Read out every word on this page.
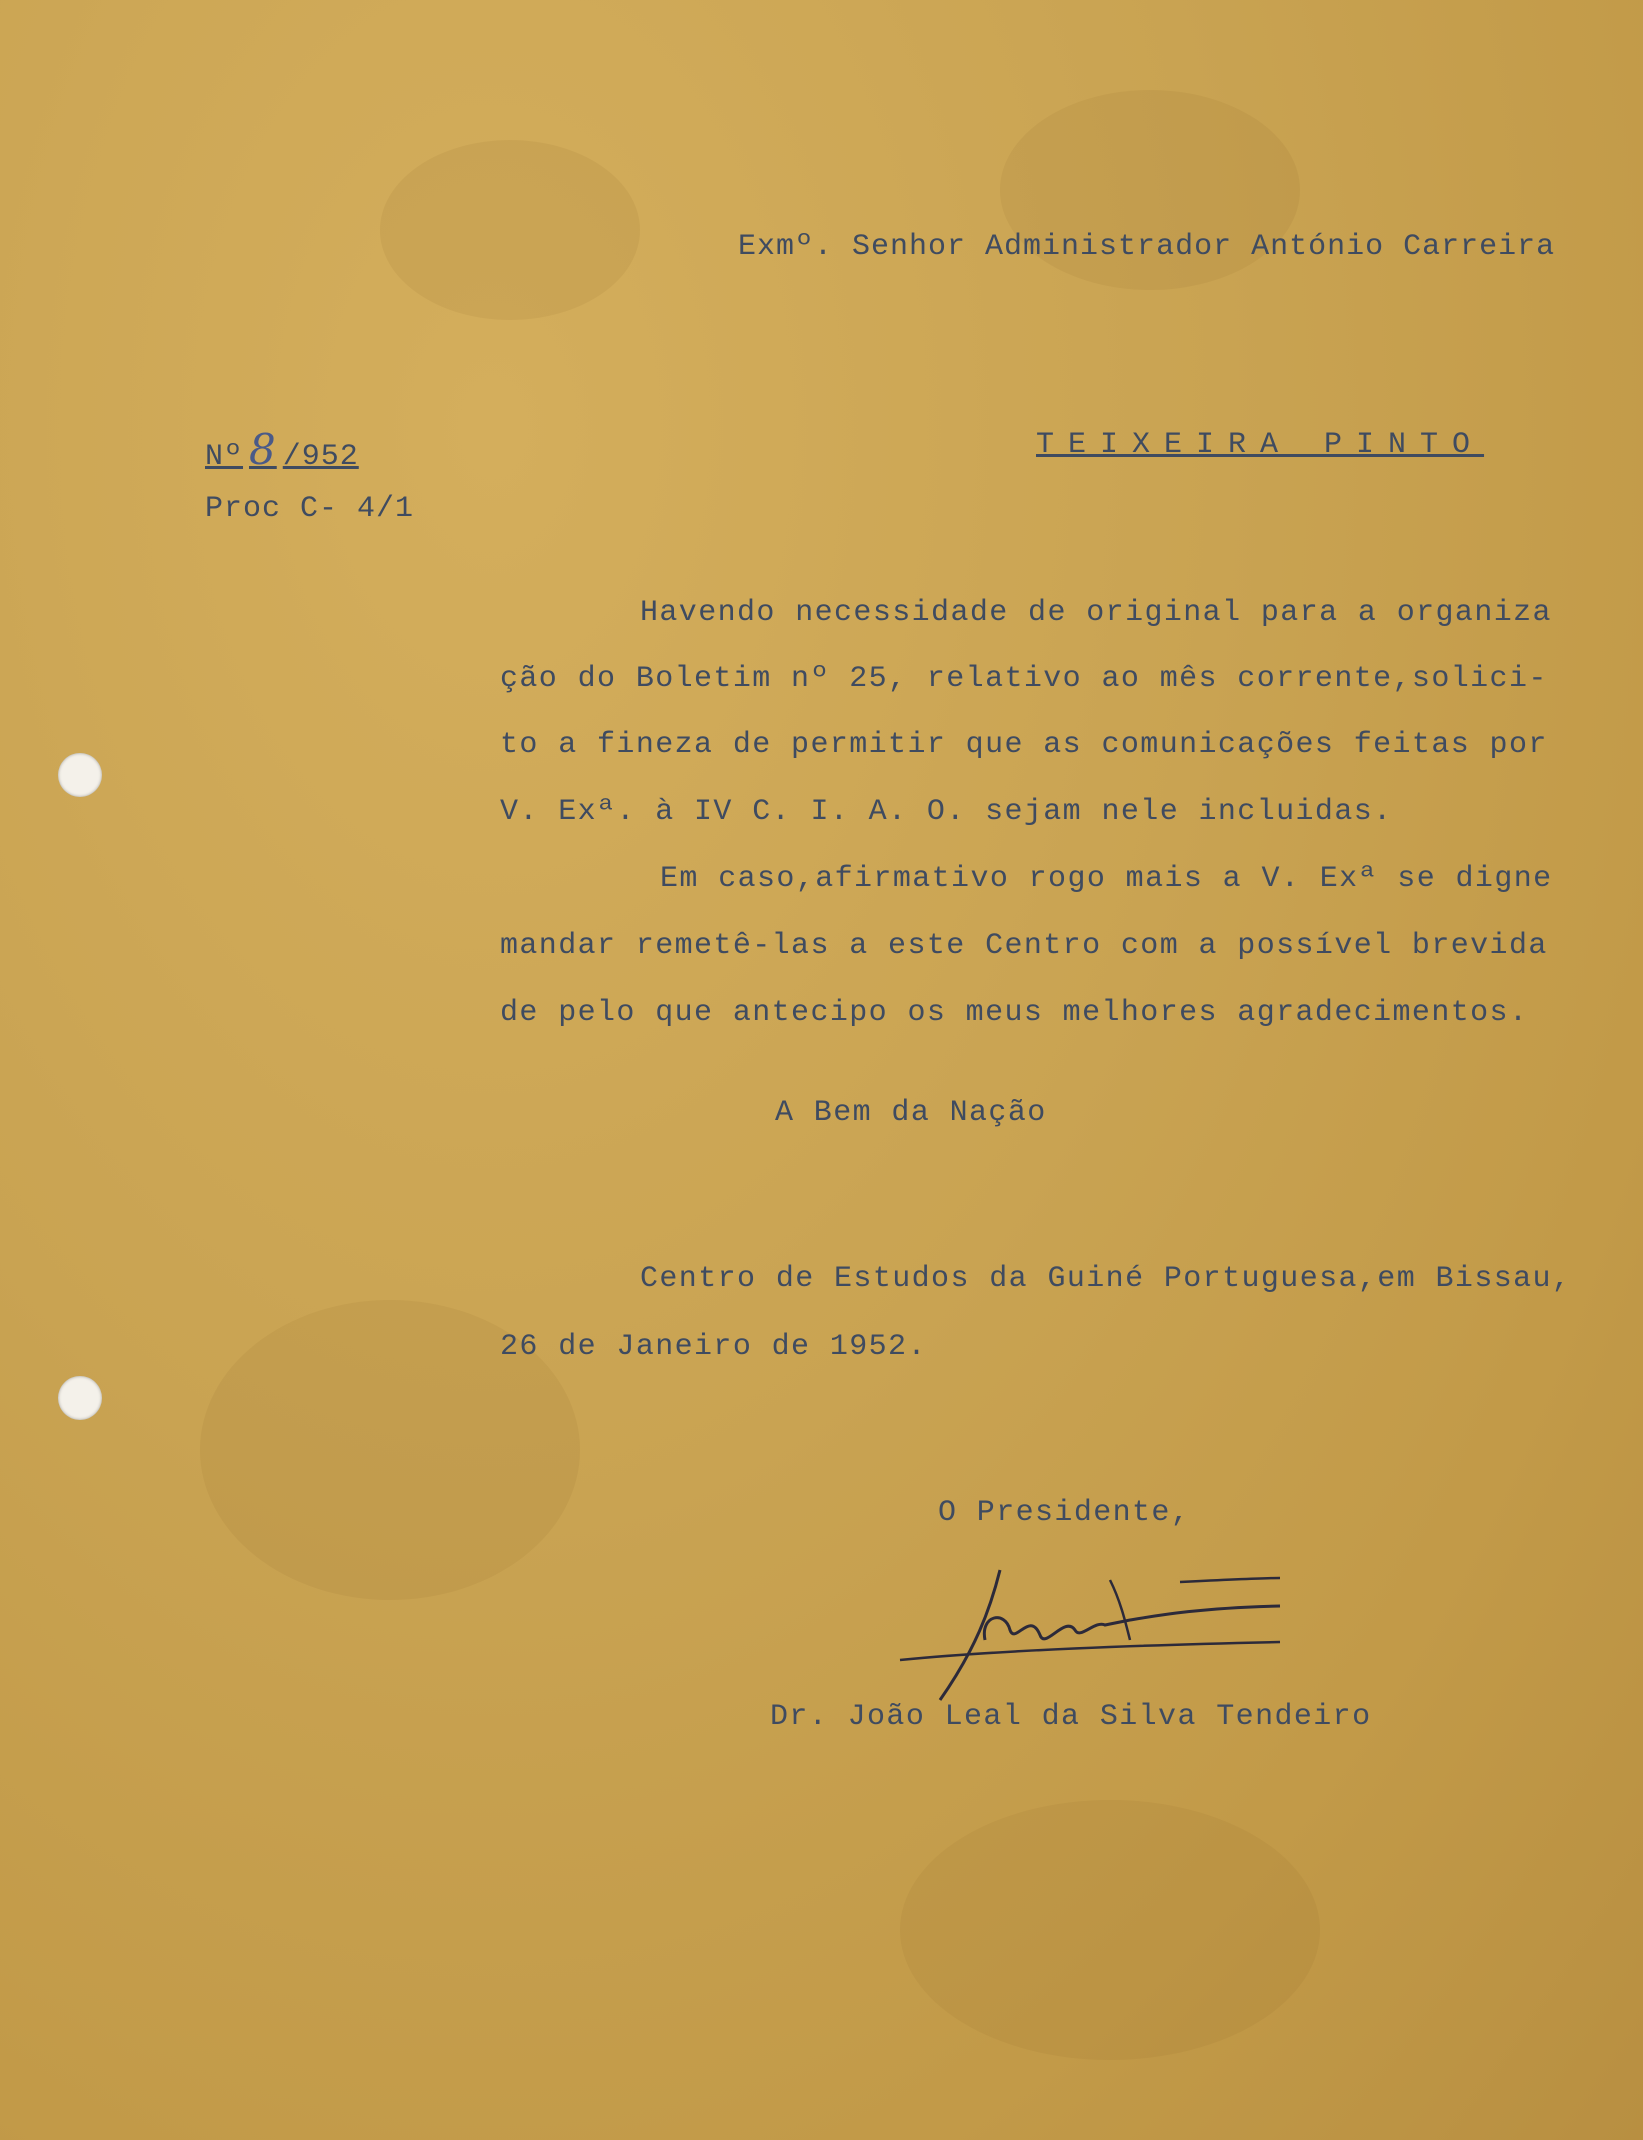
Exmº. Senhor Administrador António Carreira
Nº 8 /952
Proc C- 4/1
TEIXEIRA PINTO
Havendo necessidade de original para a organiza
ção do Boletim nº 25, relativo ao mês corrente,solici-
to a fineza de permitir que as comunicações feitas por
V. Exª. à IV C. I. A. O. sejam nele incluidas.
Em caso,afirmativo rogo mais a V. Exª se digne
mandar remetê-las a este Centro com a possível brevida
de pelo que antecipo os meus melhores agradecimentos.
A Bem da Nação
Centro de Estudos da Guiné Portuguesa,em Bissau,
26 de Janeiro de 1952.
O Presidente,
Dr. João Leal da Silva Tendeiro
